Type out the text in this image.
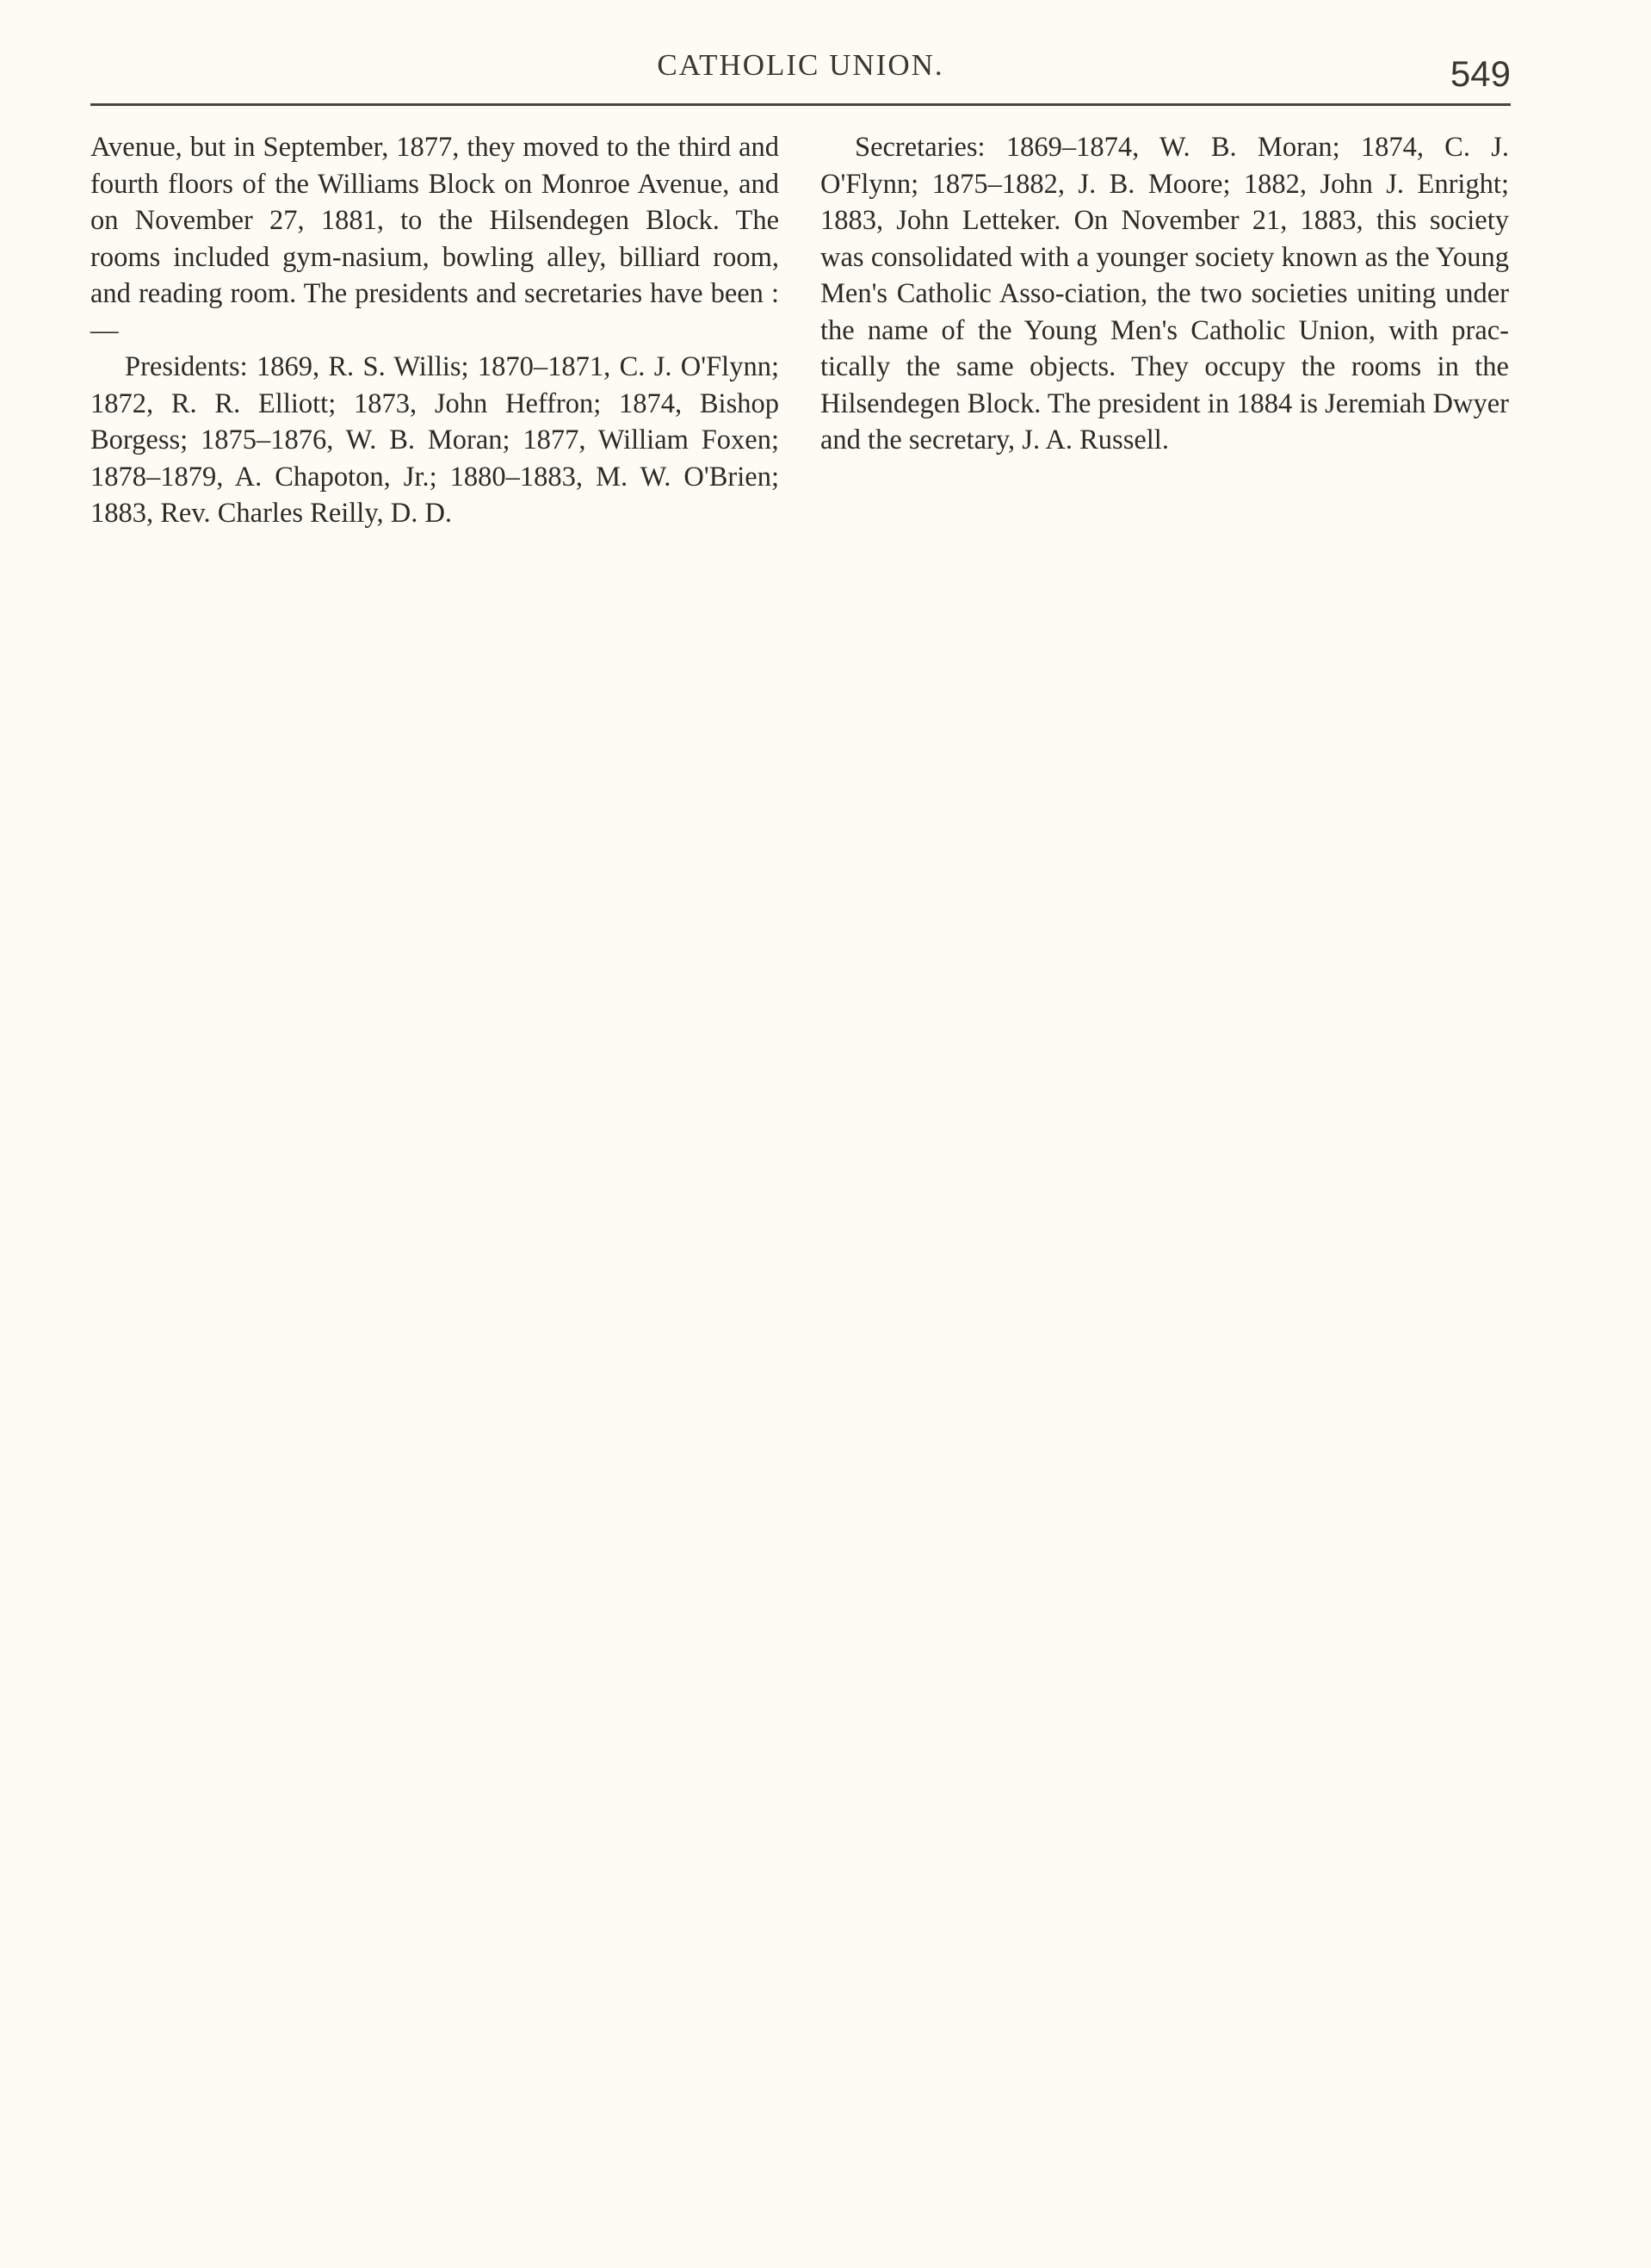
CATHOLIC UNION.	549

Avenue, but in September, 1877, they moved to the third and fourth floors of the Williams Block on Monroe Avenue, and on November 27, 1881, to the Hilsendegen Block. The rooms included gym-nasium, bowling alley, billiard room, and reading room. The presidents and secretaries have been :—

Presidents: 1869, R. S. Willis; 1870–1871, C. J. O'Flynn; 1872, R. R. Elliott; 1873, John Heffron; 1874, Bishop Borgess; 1875–1876, W. B. Moran; 1877, William Foxen; 1878–1879, A. Chapoton, Jr.; 1880–1883, M. W. O'Brien; 1883, Rev. Charles Reilly, D. D.

Secretaries: 1869–1874, W. B. Moran; 1874, C. J. O'Flynn; 1875–1882, J. B. Moore; 1882, John J. Enright; 1883, John Letteker. On November 21, 1883, this society was consolidated with a younger society known as the Young Men's Catholic Asso-ciation, the two societies uniting under the name of the Young Men's Catholic Union, with prac-tically the same objects. They occupy the rooms in the Hilsendegen Block. The president in 1884 is Jeremiah Dwyer and the secretary, J. A. Russell.
